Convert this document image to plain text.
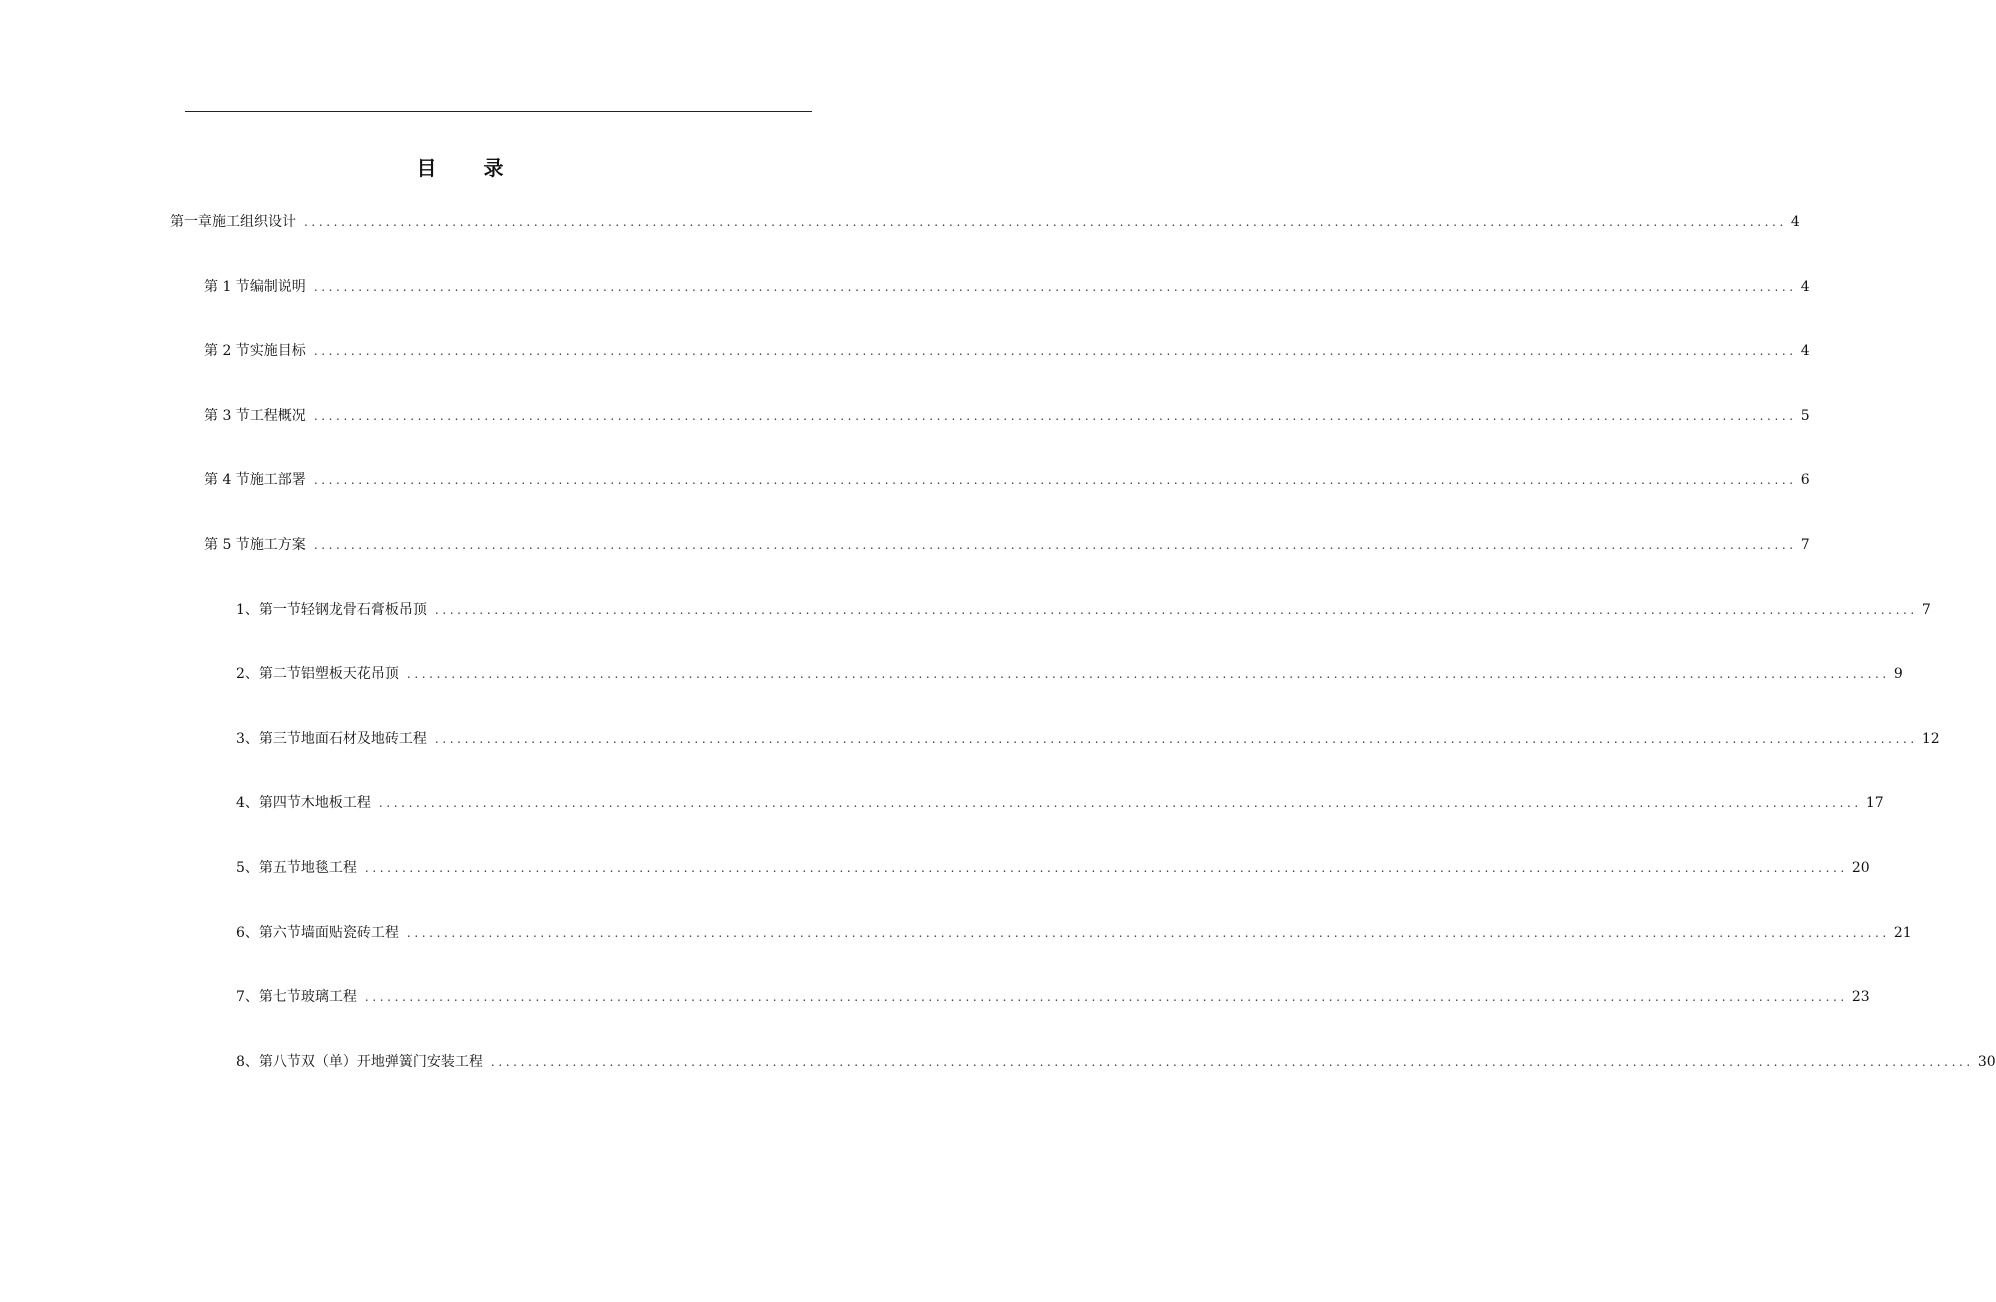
目 录
第一章 施工组织设计 ........................................................................................................................................................................................................ 4
第 1 节 编制说明 ........................................................................................................................................................................................................ 4
第 2 节 实施目标 ........................................................................................................................................................................................................ 4
第 3 节 工程概况 ........................................................................................................................................................................................................ 5
第 4 节 施工部署 ........................................................................................................................................................................................................ 6
第 5 节 施工方案 ........................................................................................................................................................................................................ 7
1、 第一节轻钢龙骨石膏板吊顶 ........................................................................................................................................................................................................ 7
2、 第二节铝塑板天花吊顶 ........................................................................................................................................................................................................ 9
3、 第三节地面石材及地砖工程 ........................................................................................................................................................................................................ 12
4、 第四节木地板工程 ........................................................................................................................................................................................................ 17
5、 第五节地毯工程 ........................................................................................................................................................................................................ 20
6、 第六节墙面贴瓷砖工程 ........................................................................................................................................................................................................ 21
7、 第七节玻璃工程 ........................................................................................................................................................................................................ 23
8、 第八节双（单）开地弹簧门安装工程 ........................................................................................................................................................................................................ 30
